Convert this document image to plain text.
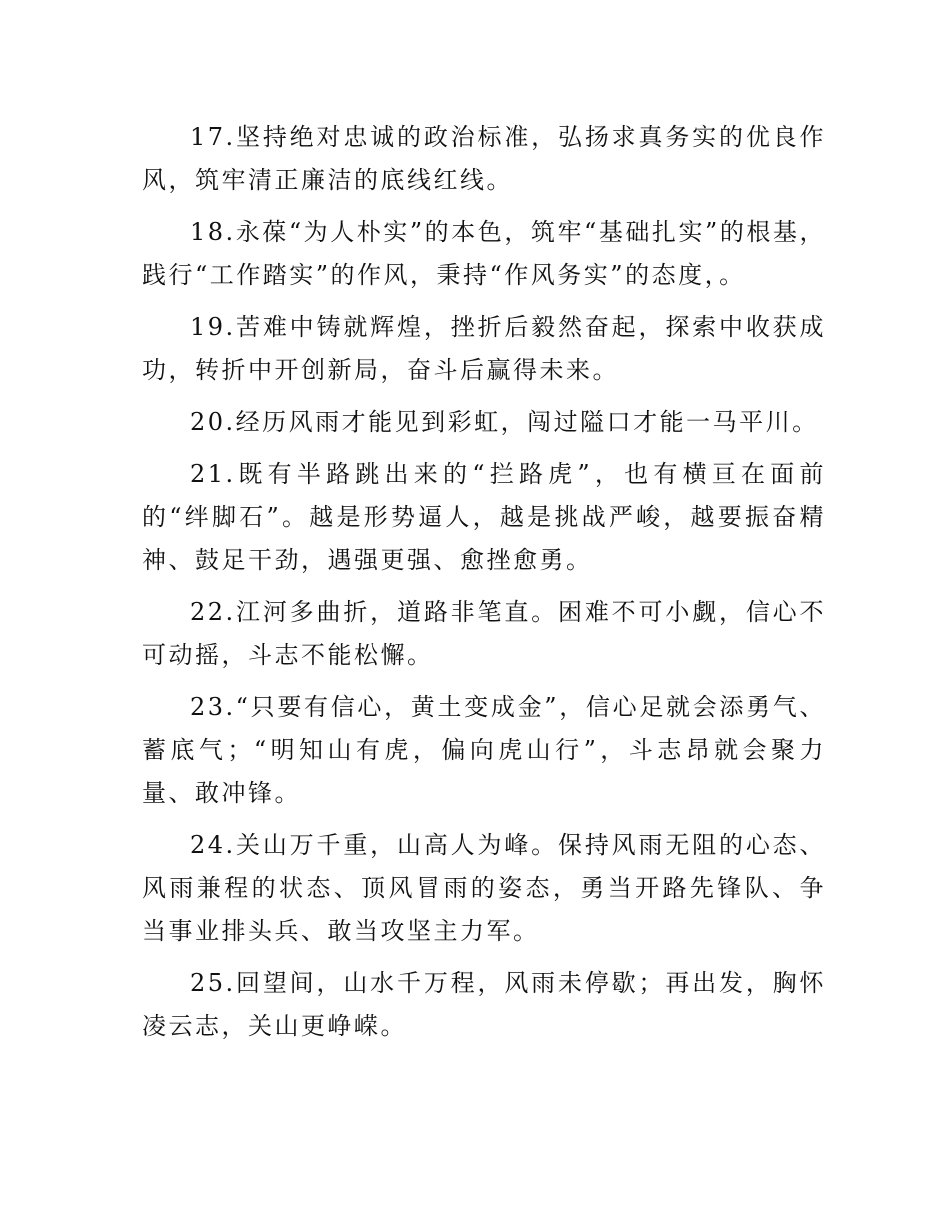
17.坚持绝对忠诚的政治标准，弘扬求真务实的优良作风，筑牢清正廉洁的底线红线。

18.永葆“为人朴实”的本色，筑牢“基础扎实”的根基，践行“工作踏实”的作风，秉持“作风务实”的态度，。

19.苦难中铸就辉煌，挫折后毅然奋起，探索中收获成功，转折中开创新局，奋斗后赢得未来。

20.经历风雨才能见到彩虹，闯过隘口才能一马平川。

21.既有半路跳出来的“拦路虎”，也有横亘在面前的“绊脚石”。越是形势逼人，越是挑战严峻，越要振奋精神、鼓足干劲，遇强更强、愈挫愈勇。

22.江河多曲折，道路非笔直。困难不可小觑，信心不可动摇，斗志不能松懈。

23.“只要有信心，黄土变成金”，信心足就会添勇气、蓄底气；“明知山有虎，偏向虎山行”，斗志昂就会聚力量、敢冲锋。

24.关山万千重，山高人为峰。保持风雨无阻的心态、风雨兼程的状态、顶风冒雨的姿态，勇当开路先锋队、争当事业排头兵、敢当攻坚主力军。

25.回望间，山水千万程，风雨未停歇；再出发，胸怀凌云志，关山更峥嵘。
